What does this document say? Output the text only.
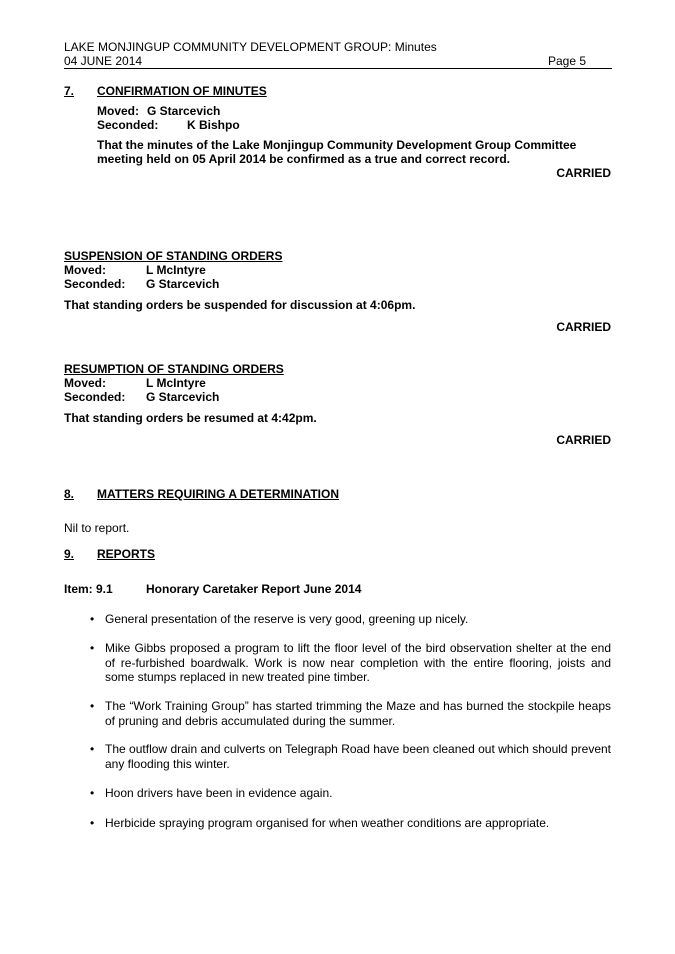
LAKE MONJINGUP COMMUNITY DEVELOPMENT GROUP: Minutes
04 JUNE 2014	Page 5
7. CONFIRMATION OF MINUTES
Moved: G Starcevich
Seconded: K Bishpo
That the minutes of the Lake Monjingup Community Development Group Committee
meeting held on 05 April 2014 be confirmed as a true and correct record.
CARRIED
SUSPENSION OF STANDING ORDERS
Moved:	L McIntyre
Seconded: G Starcevich
That standing orders be suspended for discussion at 4:06pm.
CARRIED
RESUMPTION OF STANDING ORDERS
Moved:	L McIntyre
Seconded: G Starcevich
That standing orders be resumed at 4:42pm.
CARRIED
8. MATTERS REQUIRING A DETERMINATION
Nil to report.
9. REPORTS
Item: 9.1	Honorary Caretaker Report June 2014
• General presentation of the reserve is very good, greening up nicely.
• Mike Gibbs proposed a program to lift the floor level of the bird observation shelter at the end of re-furbished boardwalk. Work is now near completion with the entire flooring, joists and some stumps replaced in new treated pine timber.
• The “Work Training Group” has started trimming the Maze and has burned the stockpile heaps of pruning and debris accumulated during the summer.
• The outflow drain and culverts on Telegraph Road have been cleaned out which should prevent any flooding this winter.
• Hoon drivers have been in evidence again.
• Herbicide spraying program organised for when weather conditions are appropriate.
